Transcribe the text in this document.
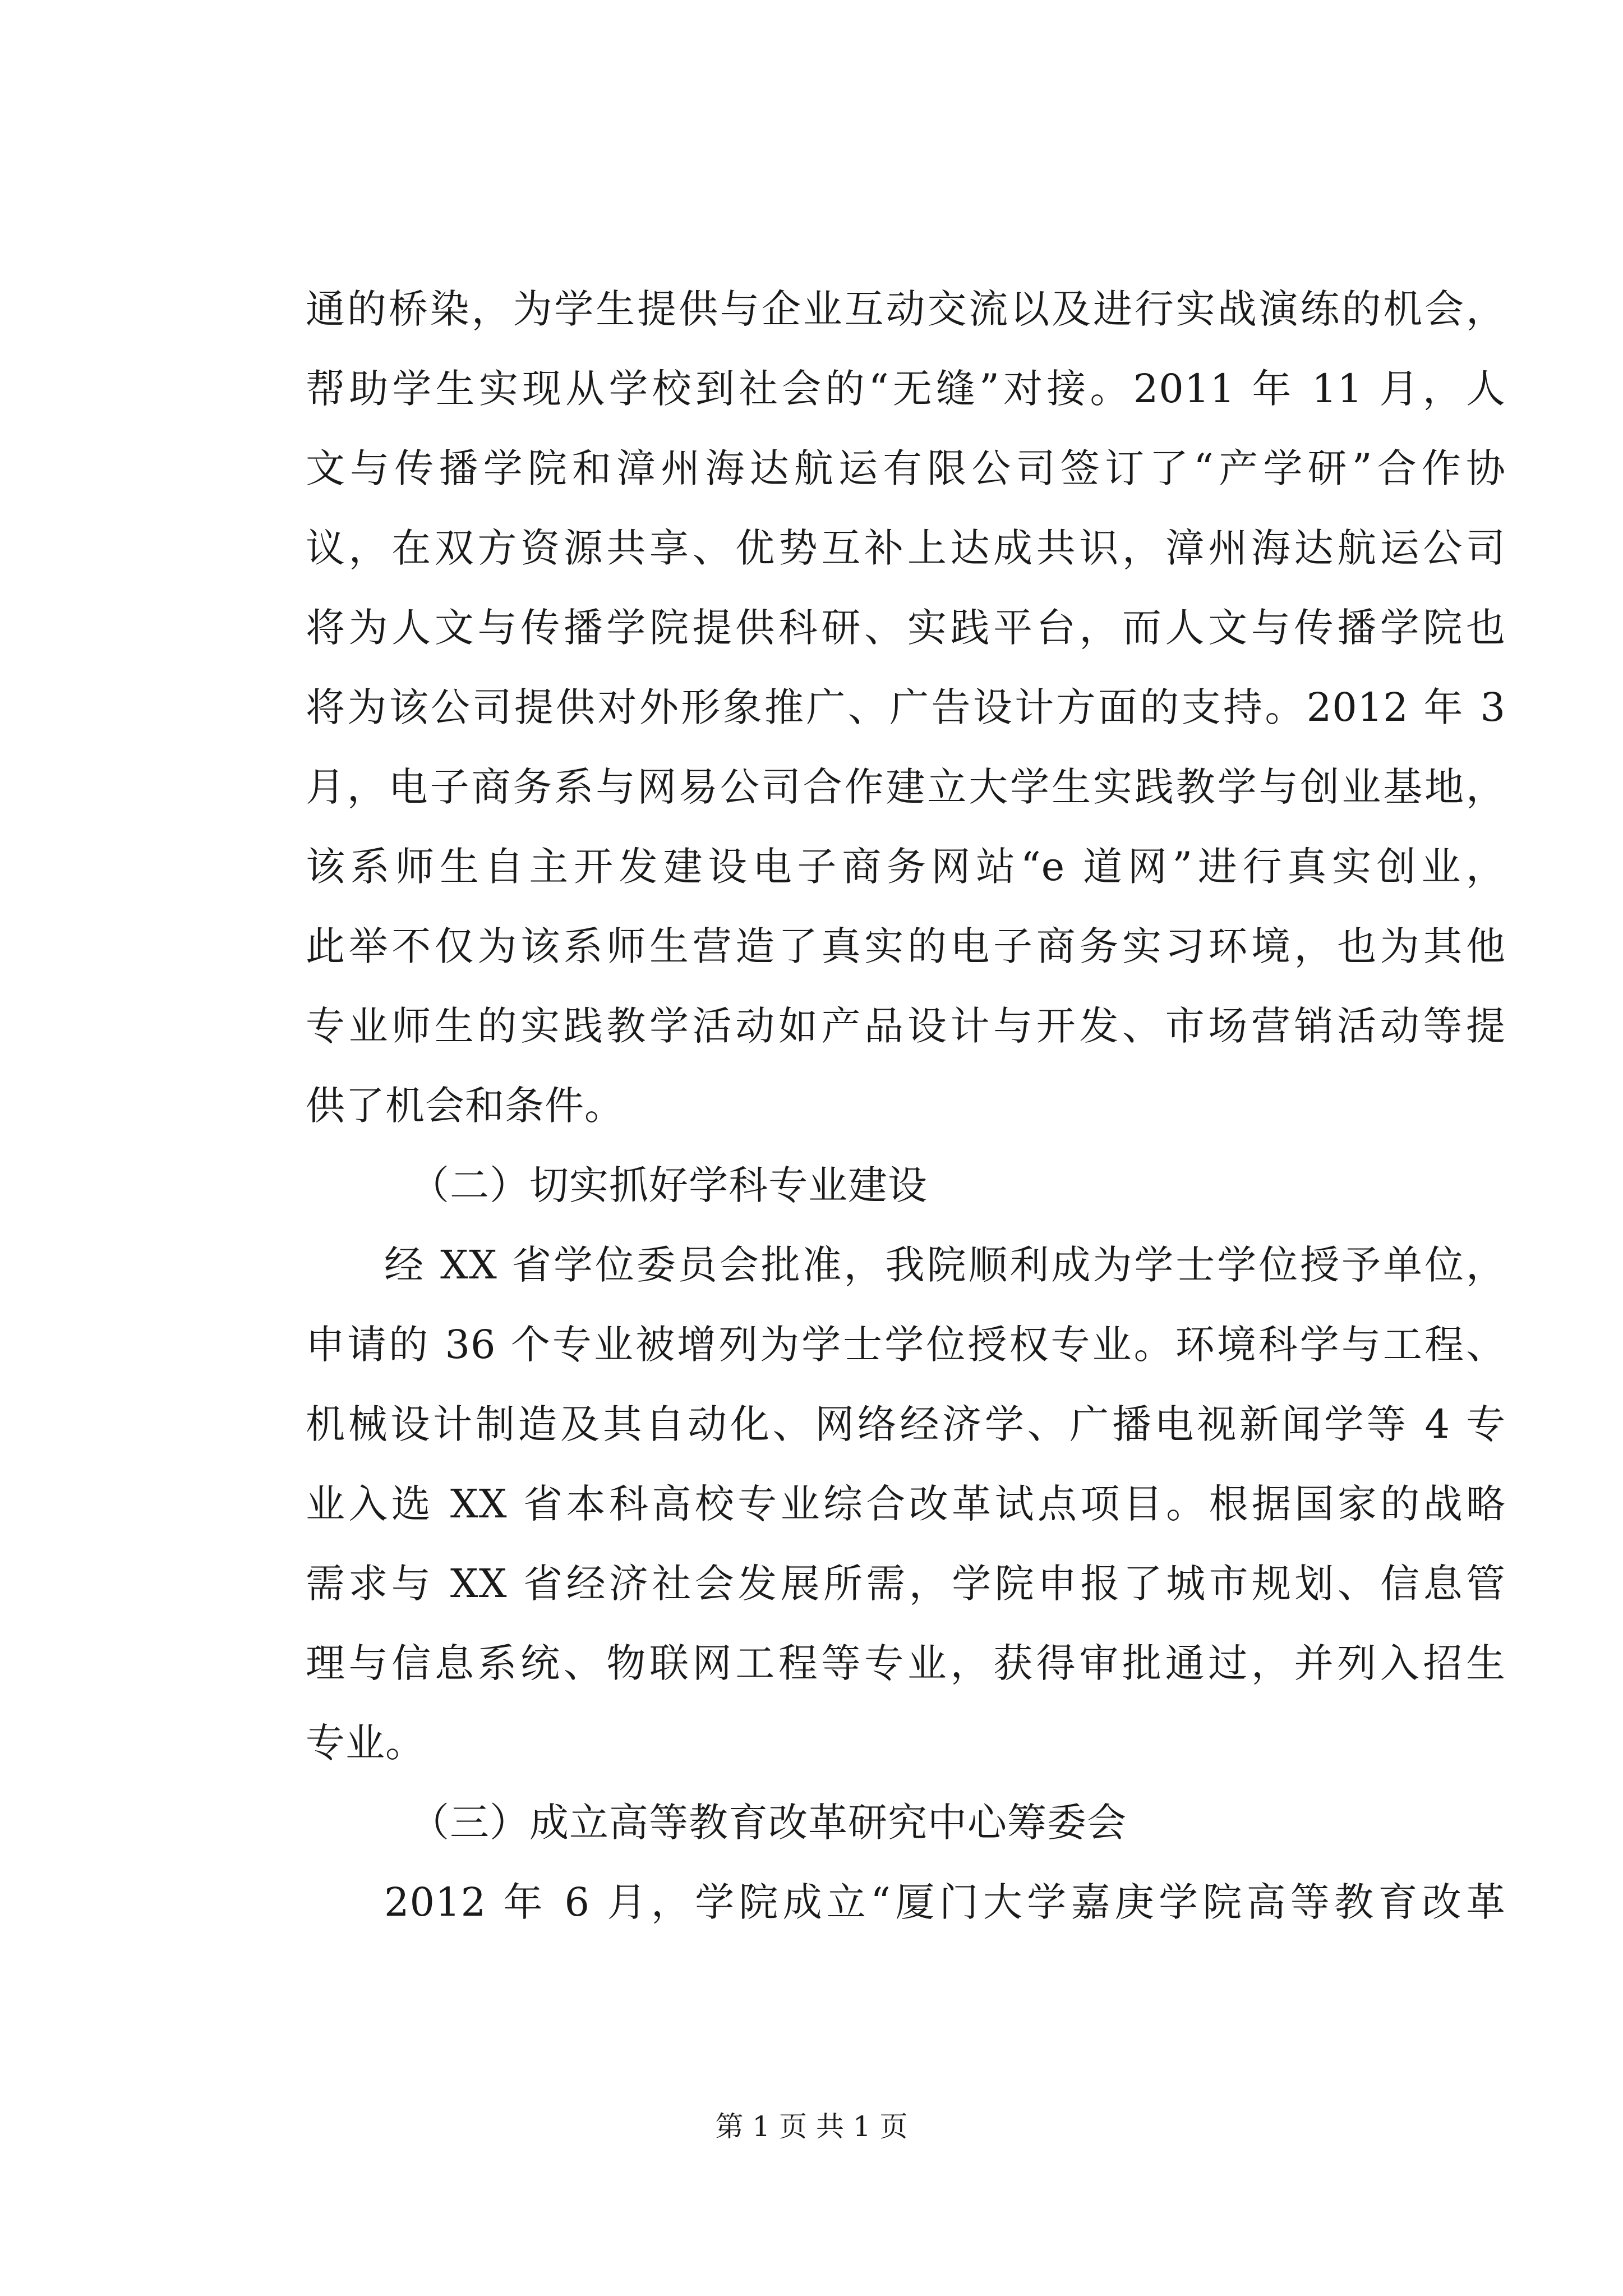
通的桥染，为学生提供与企业互动交流以及进行实战演练的机会，
帮助学生实现从学校到社会的“无缝”对接。2011 年 11 月，人
文与传播学院和漳州海达航运有限公司签订了“产学研”合作协
议，在双方资源共享、优势互补上达成共识，漳州海达航运公司
将为人文与传播学院提供科研、实践平台，而人文与传播学院也
将为该公司提供对外形象推广、广告设计方面的支持。2012 年 3
月，电子商务系与网易公司合作建立大学生实践教学与创业基地，
该系师生自主开发建设电子商务网站“e 道网”进行真实创业，
此举不仅为该系师生营造了真实的电子商务实习环境，也为其他
专业师生的实践教学活动如产品设计与开发、市场营销活动等提
供了机会和条件。
（二）切实抓好学科专业建设
经 XX 省学位委员会批准，我院顺利成为学士学位授予单位，
申请的 36 个专业被增列为学士学位授权专业。环境科学与工程、
机械设计制造及其自动化、网络经济学、广播电视新闻学等 4 专
业入选 XX 省本科高校专业综合改革试点项目。根据国家的战略
需求与 XX 省经济社会发展所需，学院申报了城市规划、信息管
理与信息系统、物联网工程等专业，获得审批通过，并列入招生
专业。
（三）成立高等教育改革研究中心筹委会
2012 年 6 月，学院成立“厦门大学嘉庚学院高等教育改革
第 1 页 共 1 页
